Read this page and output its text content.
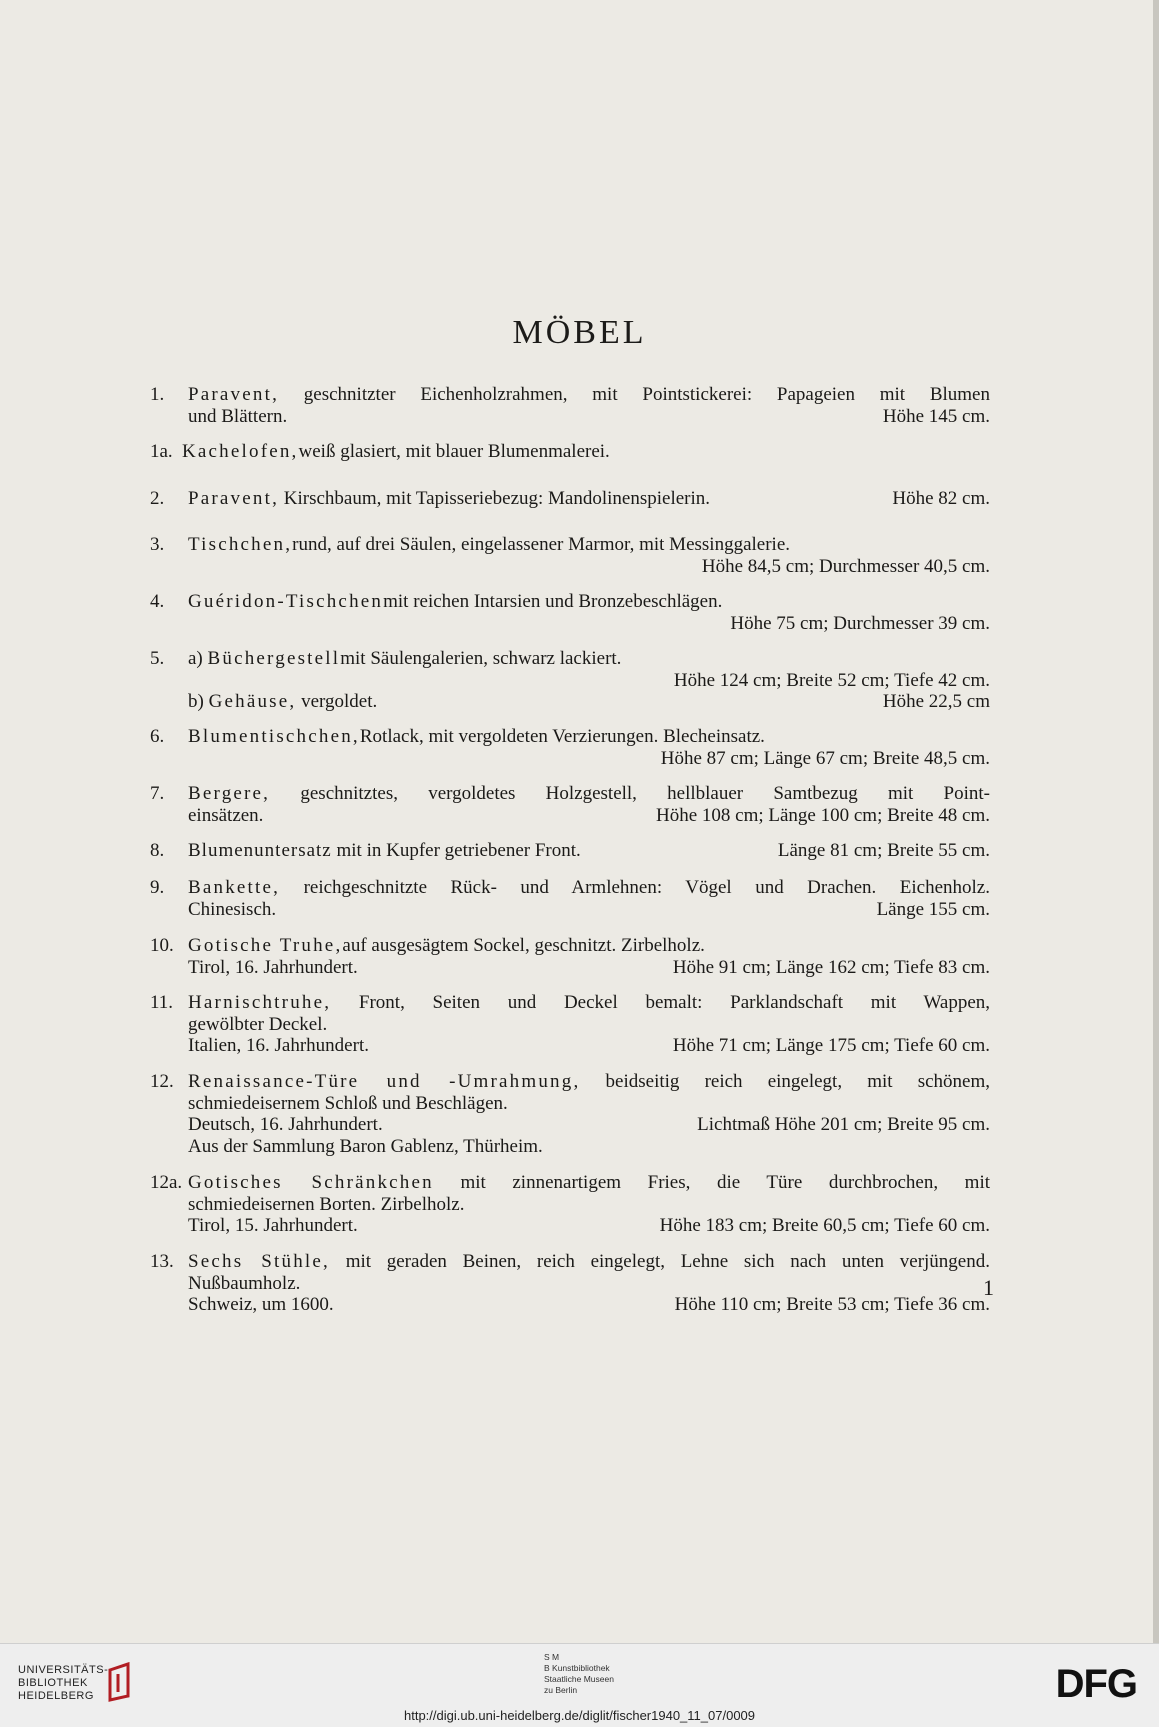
MÖBEL
1. Paravent, geschnitzter Eichenholzrahmen, mit Pointstickerei: Papageien mit Blumen
und Blättern.	Höhe 145 cm.
1a. Kachelofen, weiß glasiert, mit blauer Blumenmalerei.
2. Paravent, Kirschbaum, mit Tapisseriebezug: Mandolinenspielerin.	Höhe 82 cm.
3. Tischchen, rund, auf drei Säulen, eingelassener Marmor, mit Messinggalerie.
Höhe 84,5 cm; Durchmesser 40,5 cm.
4. Guéridon-Tischchen mit reichen Intarsien und Bronzebeschlägen.
Höhe 75 cm; Durchmesser 39 cm.
5. a) Büchergestell mit Säulengalerien, schwarz lackiert.
Höhe 124 cm; Breite 52 cm; Tiefe 42 cm.
b) Gehäuse, vergoldet.	Höhe 22,5 cm
6. Blumentischchen, Rotlack, mit vergoldeten Verzierungen. Blecheinsatz.
Höhe 87 cm; Länge 67 cm; Breite 48,5 cm.
7. Bergere, geschnitztes, vergoldetes Holzgestell, hellblauer Samtbezug mit Point-
einsätzen.	Höhe 108 cm; Länge 100 cm; Breite 48 cm.
8. Blumenuntersatz mit in Kupfer getriebener Front.	Länge 81 cm; Breite 55 cm.
9. Bankette, reichgeschnitzte Rück- und Armlehnen: Vögel und Drachen. Eichenholz.
Chinesisch.	Länge 155 cm.
10. Gotische Truhe, auf ausgesägtem Sockel, geschnitzt. Zirbelholz.
Tirol, 16. Jahrhundert.	Höhe 91 cm; Länge 162 cm; Tiefe 83 cm.
11. Harnischtruhe, Front, Seiten und Deckel bemalt: Parklandschaft mit Wappen,
gewölbter Deckel.
Italien, 16. Jahrhundert.	Höhe 71 cm; Länge 175 cm; Tiefe 60 cm.
12. Renaissance-Türe und -Umrahmung, beidseitig reich eingelegt, mit schönem,
schmiedeisernem Schloß und Beschlägen.
Deutsch, 16. Jahrhundert.	Lichtmaß Höhe 201 cm; Breite 95 cm.
Aus der Sammlung Baron Gablenz, Thürheim.
12a. Gotisches Schränkchen mit zinnenartigem Fries, die Türe durchbrochen, mit
schmiedeisernen Borten. Zirbelholz.
Tirol, 15. Jahrhundert.	Höhe 183 cm; Breite 60,5 cm; Tiefe 60 cm.
13. Sechs Stühle, mit geraden Beinen, reich eingelegt, Lehne sich nach unten verjüngend.
Nußbaumholz.
Schweiz, um 1600.	Höhe 110 cm; Breite 53 cm; Tiefe 36 cm.
1
UNIVERSITÄTS-
BIBLIOTHEK
HEIDELBERG
S M
B Kunstbibliothek
Staatliche Museen
zu Berlin	DFG
http://digi.ub.uni-heidelberg.de/diglit/fischer1940_11_07/0009
